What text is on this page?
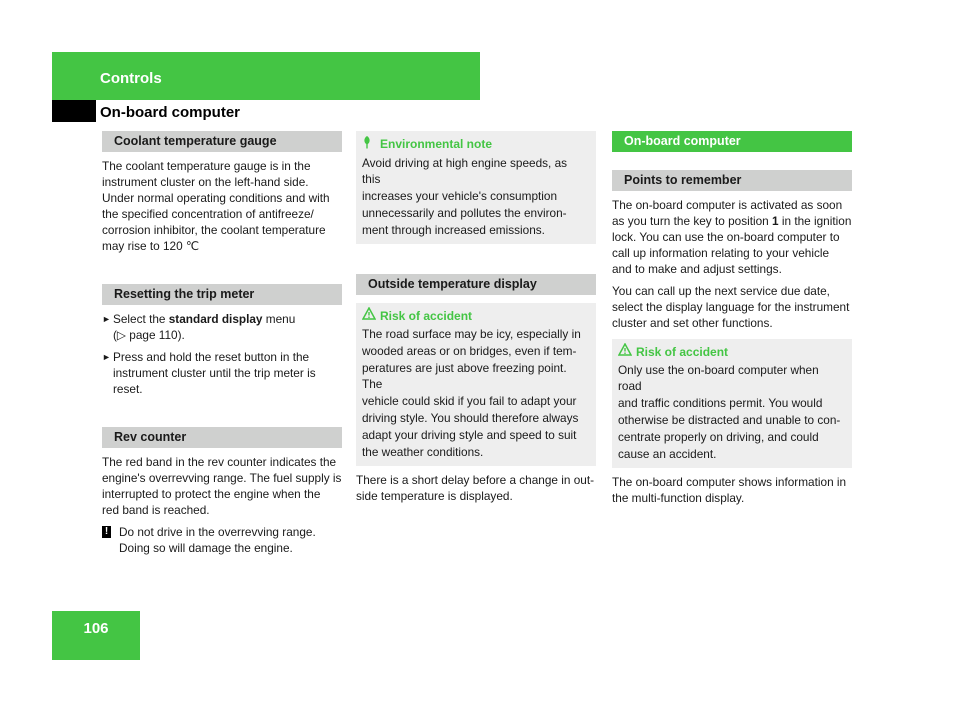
Controls
On-board computer
106
Coolant temperature gauge

The coolant temperature gauge is in the

instrument cluster on the left-hand side.

Under normal operating conditions and with

the specified concentration of antifreeze/

corrosion inhibitor, the coolant temperature

may rise to 120 ℃

Resetting the trip meter
► Select the standard display menu
(▷ page 110).
► Press and hold the reset button in the
instrument cluster until the trip meter is
reset.
Rev counter

The red band in the rev counter indicates the

engine's overrevving range. The fuel supply is

interrupted to protect the engine when the

red band is reached.

! Do not drive in the overrevving range.

Doing so will damage the engine.

Environmental note

Avoid driving at high engine speeds, as this

increases your vehicle's consumption

unnecessarily and pollutes the environ-

ment through increased emissions.

Outside temperature display
Risk of accident

The road surface may be icy, especially in

wooded areas or on bridges, even if tem-

peratures are just above freezing point. The

vehicle could skid if you fail to adapt your

driving style. You should therefore always

adapt your driving style and speed to suit

the weather conditions.

There is a short delay before a change in out-

side temperature is displayed.

On-board computer
Points to remember

The on-board computer is activated as soon

as you turn the key to position 1 in the ignition

lock. You can use the on-board computer to

call up information relating to your vehicle

and to make and adjust settings.

You can call up the next service due date,

select the display language for the instrument

cluster and set other functions.

Risk of accident

Only use the on-board computer when road

and traffic conditions permit. You would

otherwise be distracted and unable to con-

centrate properly on driving, and could

cause an accident.

The on-board computer shows information in

the multi-function display.
